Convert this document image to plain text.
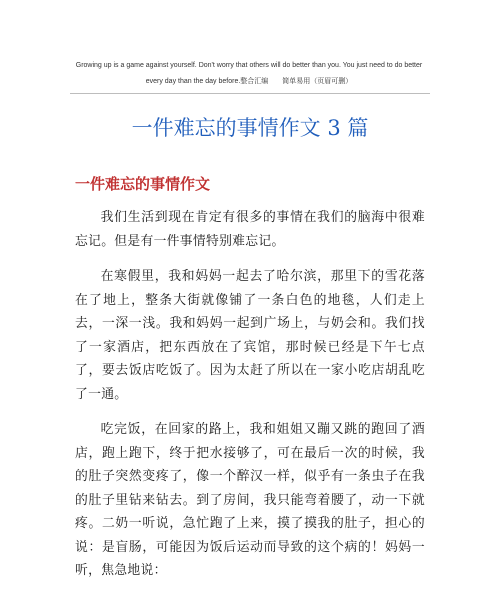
Growing up is a game against yourself. Don't worry that others will do better than you. You just need to do better every day than the day before.整合汇编　　简单易用（页眉可删）
一件难忘的事情作文 3 篇
一件难忘的事情作文

我们生活到现在肯定有很多的事情在我们的脑海中很难忘记。但是有一件事情特别难忘记。

在寒假里，我和妈妈一起去了哈尔滨，那里下的雪花落在了地上，整条大街就像铺了一条白色的地毯，人们走上去，一深一浅。我和妈妈一起到广场上，与奶会和。我们找了一家酒店，把东西放在了宾馆，那时候已经是下午七点了，要去饭店吃饭了。因为太赶了所以在一家小吃店胡乱吃了一通。

吃完饭，在回家的路上，我和姐姐又蹦又跳的跑回了酒店，跑上跑下，终于把水接够了，可在最后一次的时候，我的肚子突然变疼了，像一个醉汉一样，似乎有一条虫子在我的肚子里钻来钻去。到了房间，我只能弯着腰了，动一下就疼。二奶一听说，急忙跑了上来，摸了摸我的肚子，担心的说：是盲肠，可能因为饭后运动而导致的这个病的！妈妈一听，焦急地说：
